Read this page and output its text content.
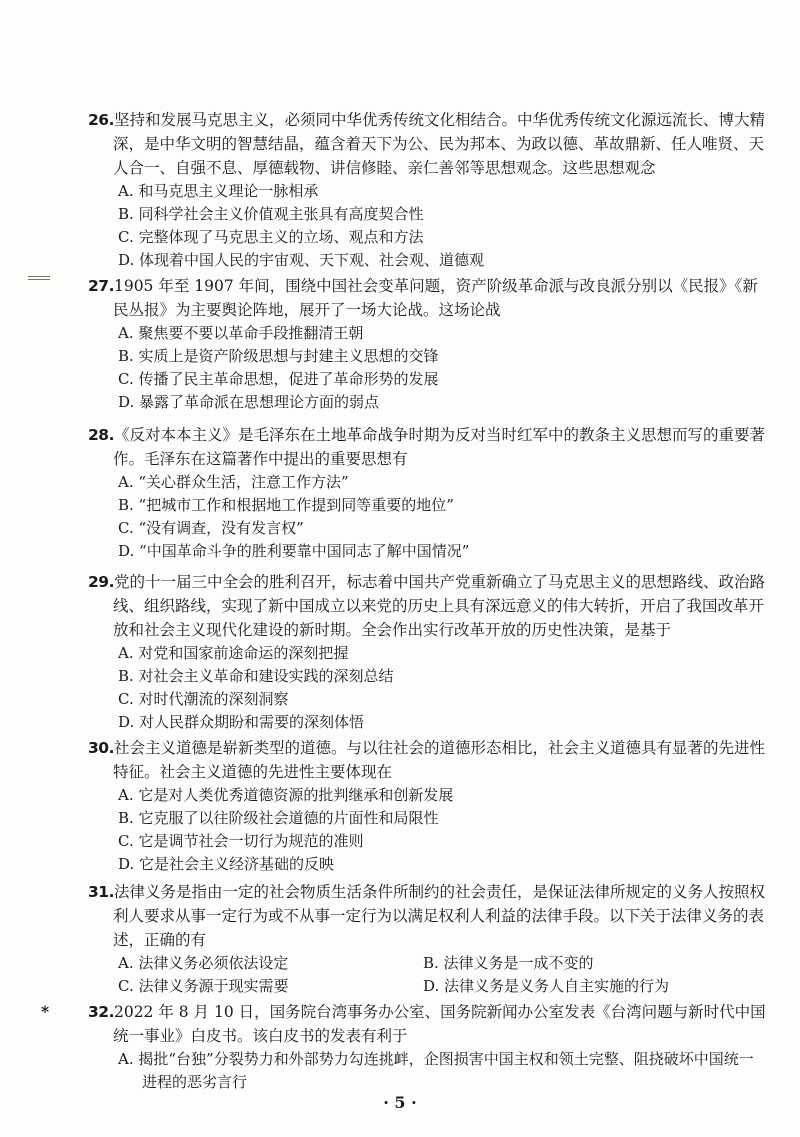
26.坚持和发展马克思主义，必须同中华优秀传统文化相结合。中华优秀传统文化源远流长、博大精深，是中华文明的智慧结晶，蕴含着天下为公、民为邦本、为政以德、革故鼎新、任人唯贤、天人合一、自强不息、厚德载物、讲信修睦、亲仁善邻等思想观念。这些思想观念

A. 和马克思主义理论一脉相承

B. 同科学社会主义价值观主张具有高度契合性

C. 完整体现了马克思主义的立场、观点和方法

D. 体现着中国人民的宇宙观、天下观、社会观、道德观

27.1905 年至 1907 年间，围绕中国社会变革问题，资产阶级革命派与改良派分别以《民报》《新民丛报》为主要舆论阵地，展开了一场大论战。这场论战

A. 聚焦要不要以革命手段推翻清王朝

B. 实质上是资产阶级思想与封建主义思想的交锋

C. 传播了民主革命思想，促进了革命形势的发展

D. 暴露了革命派在思想理论方面的弱点

28.《反对本本主义》是毛泽东在土地革命战争时期为反对当时红军中的教条主义思想而写的重要著作。毛泽东在这篇著作中提出的重要思想有

A. “关心群众生活，注意工作方法”

B. “把城市工作和根据地工作提到同等重要的地位”

C. “没有调查，没有发言权”

D. “中国革命斗争的胜利要靠中国同志了解中国情况”

29.党的十一届三中全会的胜利召开，标志着中国共产党重新确立了马克思主义的思想路线、政治路线、组织路线，实现了新中国成立以来党的历史上具有深远意义的伟大转折，开启了我国改革开放和社会主义现代化建设的新时期。全会作出实行改革开放的历史性决策，是基于

A. 对党和国家前途命运的深刻把握

B. 对社会主义革命和建设实践的深刻总结

C. 对时代潮流的深刻洞察

D. 对人民群众期盼和需要的深刻体悟

30.社会主义道德是崭新类型的道德。与以往社会的道德形态相比，社会主义道德具有显著的先进性特征。社会主义道德的先进性主要体现在

A. 它是对人类优秀道德资源的批判继承和创新发展

B. 它克服了以往阶级社会道德的片面性和局限性

C. 它是调节社会一切行为规范的准则

D. 它是社会主义经济基础的反映

31.法律义务是指由一定的社会物质生活条件所制约的社会责任，是保证法律所规定的义务人按照权利人要求从事一定行为或不从事一定行为以满足权利人利益的法律手段。以下关于法律义务的表述，正确的有

A. 法律义务必须依法设定	B. 法律义务是一成不变的
C. 法律义务源于现实需要	D. 法律义务是义务人自主实施的行为

*	32.2022 年 8 月 10 日，国务院台湾事务办公室、国务院新闻办公室发表《台湾问题与新时代中国统一事业》白皮书。该白皮书的发表有利于

A. 揭批“台独”分裂势力和外部势力勾连挑衅，企图损害中国主权和领土完整、阻挠破坏中国统一进程的恶劣言行

· 5 ·
